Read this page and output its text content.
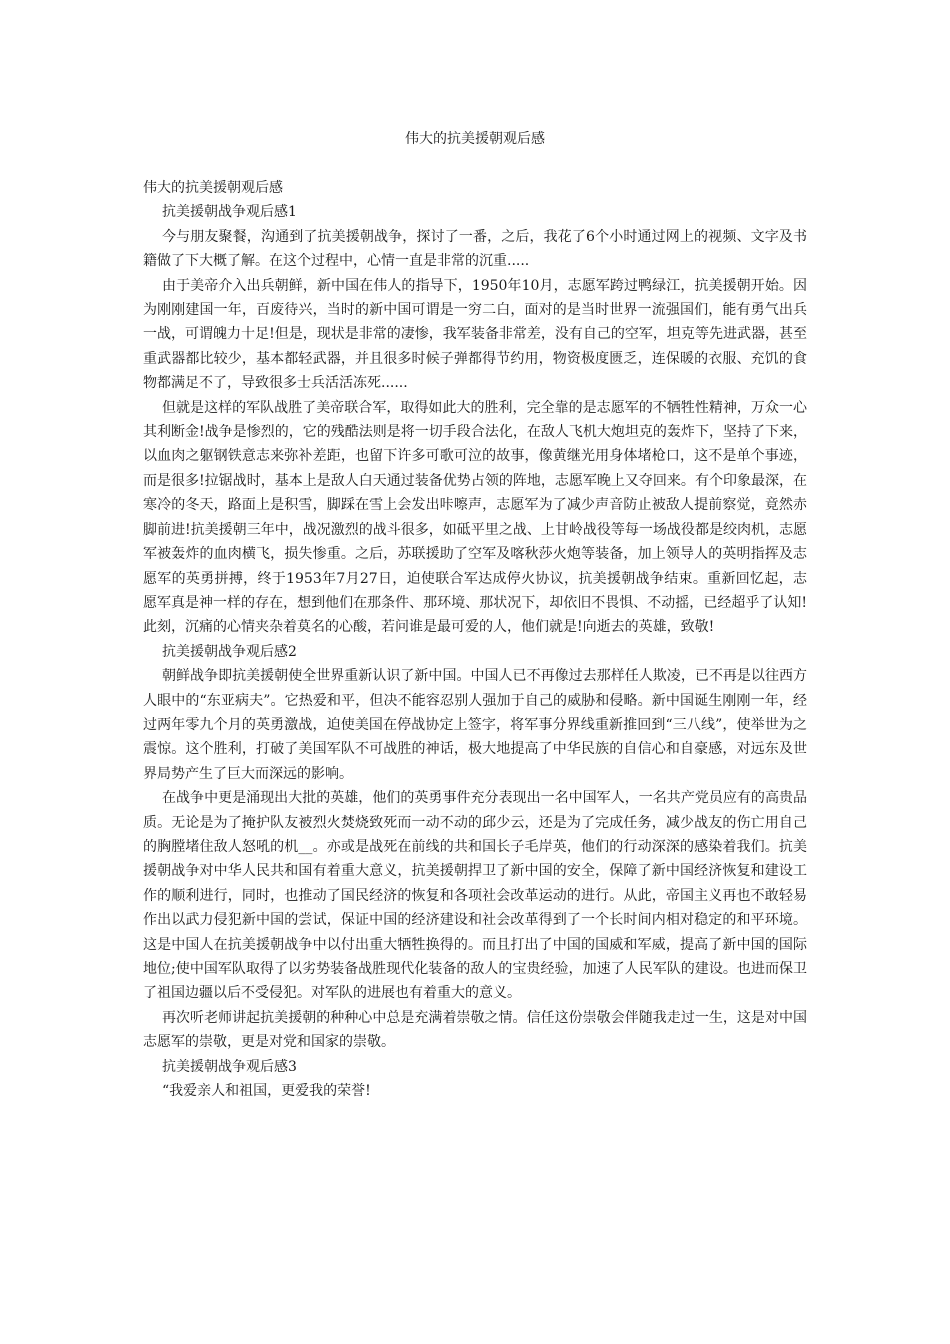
伟大的抗美援朝观后感

伟大的抗美援朝观后感

抗美援朝战争观后感1

今与朋友聚餐，沟通到了抗美援朝战争，探讨了一番，之后，我花了6个小时通过网上的视频、文字及书籍做了下大概了解。在这个过程中，心情一直是非常的沉重.....

由于美帝介入出兵朝鲜，新中国在伟人的指导下，1950年10月，志愿军跨过鸭绿江，抗美援朝开始。因为刚刚建国一年，百废待兴，当时的新中国可谓是一穷二白，面对的是当时世界一流强国们，能有勇气出兵一战，可谓魄力十足!但是，现状是非常的凄惨，我军装备非常差，没有自己的空军，坦克等先进武器，甚至重武器都比较少，基本都轻武器，并且很多时候子弹都得节约用，物资极度匮乏，连保暖的衣服、充饥的食物都满足不了，导致很多士兵活活冻死......

但就是这样的军队战胜了美帝联合军，取得如此大的胜利，完全靠的是志愿军的不牺牲性精神，万众一心其利断金!战争是惨烈的，它的残酷法则是将一切手段合法化，在敌人飞机大炮坦克的轰炸下，坚持了下来，以血肉之躯钢铁意志来弥补差距，也留下许多可歌可泣的故事，像黄继光用身体堵枪口，这不是单个事迹，而是很多!拉锯战时，基本上是敌人白天通过装备优势占领的阵地，志愿军晚上又夺回来。有个印象最深，在寒冷的冬天，路面上是积雪，脚踩在雪上会发出咔嚓声，志愿军为了减少声音防止被敌人提前察觉，竟然赤脚前进!抗美援朝三年中，战况激烈的战斗很多，如砥平里之战、上甘岭战役等每一场战役都是绞肉机，志愿军被轰炸的血肉横飞，损失惨重。之后，苏联援助了空军及喀秋莎火炮等装备，加上领导人的英明指挥及志愿军的英勇拼搏，终于1953年7月27日，迫使联合军达成停火协议，抗美援朝战争结束。重新回忆起，志愿军真是神一样的存在，想到他们在那条件、那环境、那状况下，却依旧不畏惧、不动摇，已经超乎了认知!此刻，沉痛的心情夹杂着莫名的心酸，若问谁是最可爱的人，他们就是!向逝去的英雄，致敬!

抗美援朝战争观后感2

朝鲜战争即抗美援朝使全世界重新认识了新中国。中国人已不再像过去那样任人欺凌，已不再是以往西方人眼中的“东亚病夫”。它热爱和平，但决不能容忍别人强加于自己的威胁和侵略。新中国诞生刚刚一年，经过两年零九个月的英勇激战，迫使美国在停战协定上签字，将军事分界线重新推回到“三八线”，使举世为之震惊。这个胜利，打破了美国军队不可战胜的神话，极大地提高了中华民族的自信心和自豪感，对远东及世界局势产生了巨大而深远的影响。

在战争中更是涌现出大批的英雄，他们的英勇事件充分表现出一名中国军人，一名共产党员应有的高贵品质。无论是为了掩护队友被烈火焚烧致死而一动不动的邱少云，还是为了完成任务，减少战友的伤亡用自己的胸膛堵住敌人怒吼的机__。亦或是战死在前线的共和国长子毛岸英，他们的行动深深的感染着我们。抗美援朝战争对中华人民共和国有着重大意义，抗美援朝捍卫了新中国的安全，保障了新中国经济恢复和建设工作的顺利进行，同时，也推动了国民经济的恢复和各项社会改革运动的进行。从此，帝国主义再也不敢轻易作出以武力侵犯新中国的尝试，保证中国的经济建设和社会改革得到了一个长时间内相对稳定的和平环境。这是中国人在抗美援朝战争中以付出重大牺牲换得的。而且打出了中国的国威和军威，提高了新中国的国际地位;使中国军队取得了以劣势装备战胜现代化装备的敌人的宝贵经验，加速了人民军队的建设。也进而保卫了祖国边疆以后不受侵犯。对军队的进展也有着重大的意义。

再次听老师讲起抗美援朝的种种心中总是充满着崇敬之情。信任这份崇敬会伴随我走过一生，这是对中国志愿军的崇敬，更是对党和国家的崇敬。

抗美援朝战争观后感3

“我爱亲人和祖国，更爱我的荣誉!
